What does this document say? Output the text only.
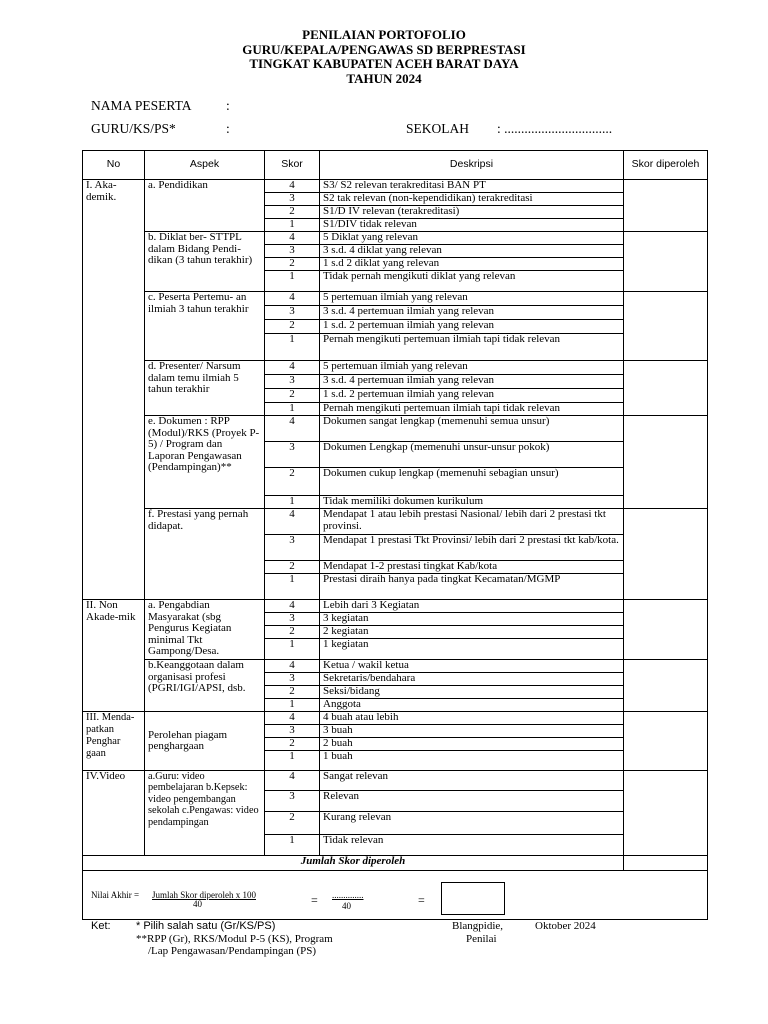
PENILAIAN PORTOFOLIO
GURU/KEPALA/PENGAWAS SD BERPRESTASI
TINGKAT KABUPATEN ACEH BARAT DAYA
TAHUN 2024
NAMA PESERTA	:
GURU/KS/PS*	:	SEKOLAH : ................................
No	Aspek	Skor	Deskripsi	Skor diperoleh
I. Aka-demik.	a. Pendidikan	4	S3/ S2 relevan terakreditasi BAN PT	
		3	S2 tak relevan (non-kependidikan) terakreditasi	
		2	S1/D IV relevan (terakreditasi)	
		1	S1/DIV tidak relevan	
	b. Diklat ber- STTPL dalam Bidang Pendi- dikan (3 tahun terakhir)	4	5 Diklat yang relevan	
		3	3 s.d. 4 diklat yang relevan	
		2	1 s.d 2 diklat yang relevan	
		1	Tidak pernah mengikuti diklat yang relevan	
	c. Peserta Pertemu- an ilmiah 3 tahun terakhir	4	5 pertemuan ilmiah yang relevan	
		3	3 s.d. 4 pertemuan ilmiah yang relevan	
		2	1 s.d. 2 pertemuan ilmiah yang relevan	
		1	Pernah mengikuti pertemuan ilmiah tapi tidak relevan	
	d. Presenter/ Narsum dalam temu ilmiah 5 tahun terakhir	4	5 pertemuan ilmiah yang relevan	
		3	3 s.d. 4 pertemuan ilmiah yang relevan	
		2	1 s.d. 2 pertemuan ilmiah yang relevan	
		1	Pernah mengikuti pertemuan ilmiah tapi tidak relevan	
	e. Dokumen : RPP (Modul)/RKS (Proyek P-5) / Program dan Laporan Pengawasan (Pendampingan)**	4	Dokumen sangat lengkap (memenuhi semua unsur)	
		3	Dokumen Lengkap (memenuhi unsur-unsur pokok)	
		2	Dokumen cukup lengkap (memenuhi sebagian unsur)	
		1	Tidak memiliki dokumen kurikulum	
	f. Prestasi yang pernah didapat.	4	Mendapat 1 atau lebih prestasi Nasional/ lebih dari 2 prestasi tkt provinsi.	
		3	Mendapat 1 prestasi Tkt Provinsi/ lebih dari 2 prestasi tkt kab/kota.	
		2	Mendapat 1-2 prestasi tingkat Kab/kota	
		1	Prestasi diraih hanya pada tingkat Kecamatan/MGMP	
II. Non Akade-mik	a. Pengabdian Masyarakat (sbg Pengurus Kegiatan minimal Tkt Gampong/Desa.	4	Lebih dari 3 Kegiatan	
		3	3 kegiatan	
		2	2 kegiatan	
		1	1 kegiatan	
	b.Keanggotaan dalam organisasi profesi (PGRI/IGI/APSI, dsb.	4	Ketua / wakil ketua	
		3	Sekretaris/bendahara	
		2	Seksi/bidang	
		1	Anggota	
III. Menda-patkan Penghar gaan	Perolehan piagam penghargaan	4	4 buah atau lebih	
		3	3 buah	
		2	2 buah	
		1	1 buah	
IV.Video	a.Guru: video pembelajaran b.Kepsek: video pengembangan sekolah c.Pengawas: video pendampingan	4	Sangat relevan	
		3	Relevan	
		2	Kurang relevan	
		1	Tidak relevan	
Jumlah Skor diperoleh				

Nilai Akhir = Jumlah Skor diperoleh x 100
40	= ..............
40	=
Ket: * Pilih salah satu (Gr/KS/PS)
**RPP (Gr), RKS/Modul P-5 (KS), Program
/Lap Pengawasan/Pendampingan (PS)
Blangpidie,	Oktober 2024
Penilai
